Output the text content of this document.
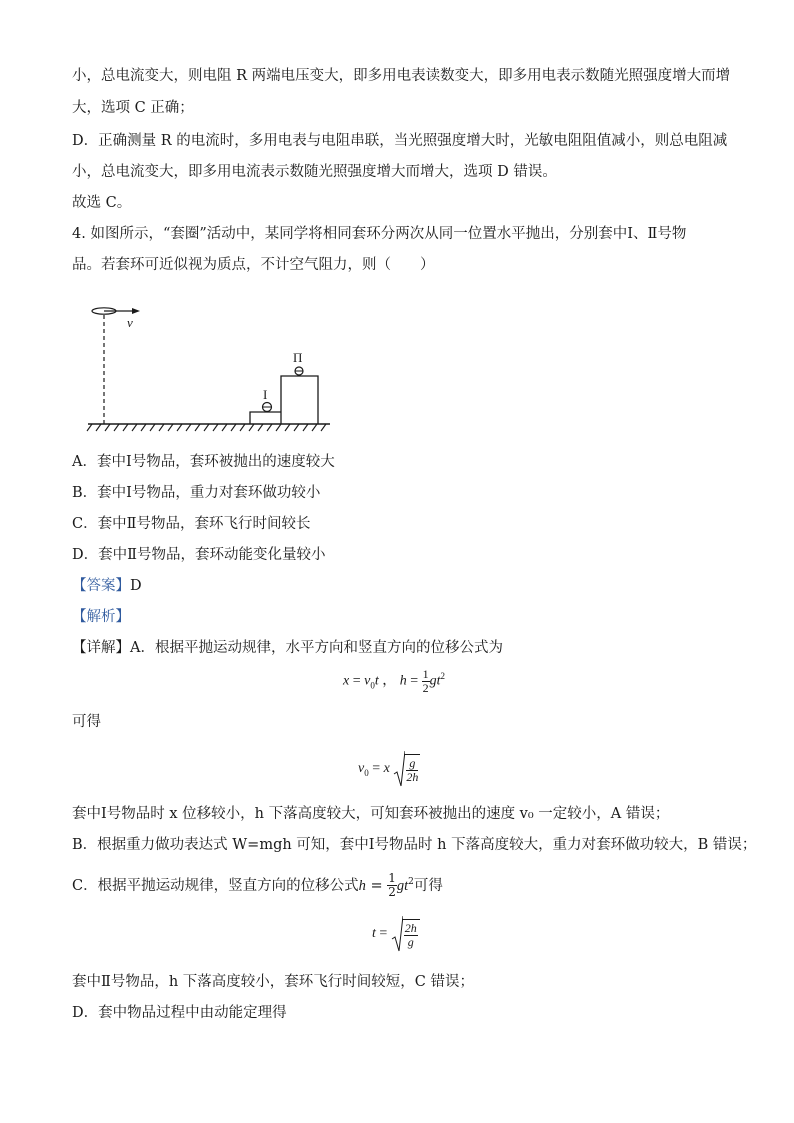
小，总电流变大，则电阻 R 两端电压变大，即多用电表读数变大，即多用电表示数随光照强度增大而增
大，选项 C 正确；
D．正确测量 R 的电流时，多用电表与电阻串联，当光照强度增大时，光敏电阻阻值减小，则总电阻减
小，总电流变大，即多用电流表示数随光照强度增大而增大，选项 D 错误。
故选 C。
4. 如图所示，“套圈”活动中，某同学将相同套环分两次从同一位置水平抛出，分别套中Ⅰ、Ⅱ号物
品。若套环可近似视为质点，不计空气阻力，则（　　）
v
I
Π
A．套中Ⅰ号物品，套环被抛出的速度较大
B．套中Ⅰ号物品，重力对套环做功较小
C．套中Ⅱ号物品，套环飞行时间较长
D．套中Ⅱ号物品，套环动能变化量较小
【答案】D
【解析】
【详解】A．根据平抛运动规律，水平方向和竖直方向的位移公式为
$x = v_0t$ ， $h = \frac{1}{2} gt^2$
可得
$v_0 = x \frac{g}{2h}$
套中Ⅰ号物品时 x 位移较小，h 下落高度较大，可知套环被抛出的速度 v₀ 一定较小，A 错误；
B．根据重力做功表达式 W=mgh 可知，套中Ⅰ号物品时 h 下落高度较大，重力对套环做功较大，B 错误；
C．根据平抛运动规律，竖直方向的位移公式$h = \frac{1}{2} gt^2$可得
$t = \frac{2h}{g}$
套中Ⅱ号物品，h 下落高度较小，套环飞行时间较短，C 错误；
D．套中物品过程中由动能定理得
